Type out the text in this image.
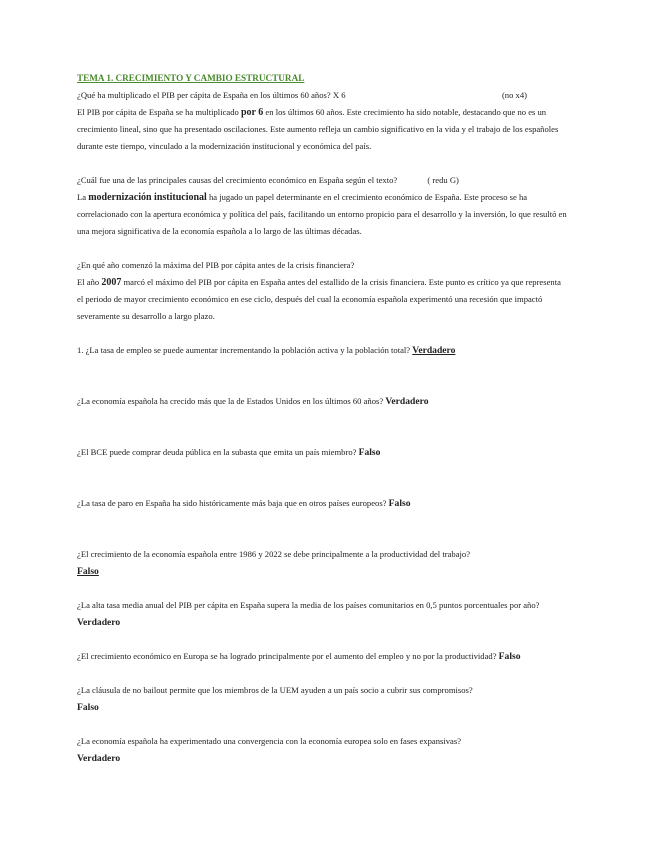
TEMA 1. CRECIMIENTO Y CAMBIO ESTRUCTURAL
¿Qué ha multiplicado el PIB per cápita de España en los últimos 60 años? X 6	(no x4)

El PIB por cápita de España se ha multiplicado por 6 en los últimos 60 años. Este crecimiento ha sido notable, destacando que no es un crecimiento lineal, sino que ha presentado oscilaciones. Este aumento refleja un cambio significativo en la vida y el trabajo de los españoles durante este tiempo, vinculado a la modernización institucional y económica del país.

¿Cuál fue una de las principales causas del crecimiento económico en España según el texto?	( redu G)

La modernización institucional ha jugado un papel determinante en el crecimiento económico de España. Este proceso se ha correlacionado con la apertura económica y política del país, facilitando un entorno propicio para el desarrollo y la inversión, lo que resultó en una mejora significativa de la economía española a lo largo de las últimas décadas.

¿En qué año comenzó la máxima del PIB por cápita antes de la crisis financiera?

El año 2007 marcó el máximo del PIB por cápita en España antes del estallido de la crisis financiera. Este punto es crítico ya que representa el periodo de mayor crecimiento económico en ese ciclo, después del cual la economía española experimentó una recesión que impactó severamente su desarrollo a largo plazo.

1. ¿La tasa de empleo se puede aumentar incrementando la población activa y la población total? Verdadero

¿La economía española ha crecido más que la de Estados Unidos en los últimos 60 años? Verdadero

¿El BCE puede comprar deuda pública en la subasta que emita un país miembro? Falso

¿La tasa de paro en España ha sido históricamente más baja que en otros países europeos? Falso

¿El crecimiento de la economía española entre 1986 y 2022 se debe principalmente a la productividad del trabajo?
Falso

¿La alta tasa media anual del PIB per cápita en España supera la media de los países comunitarios en 0,5 puntos porcentuales por año? Verdadero

¿El crecimiento económico en Europa se ha logrado principalmente por el aumento del empleo y no por la productividad? Falso

¿La cláusula de no bailout permite que los miembros de la UEM ayuden a un país socio a cubrir sus compromisos?
Falso

¿La economía española ha experimentado una convergencia con la economía europea solo en fases expansivas?
Verdadero
